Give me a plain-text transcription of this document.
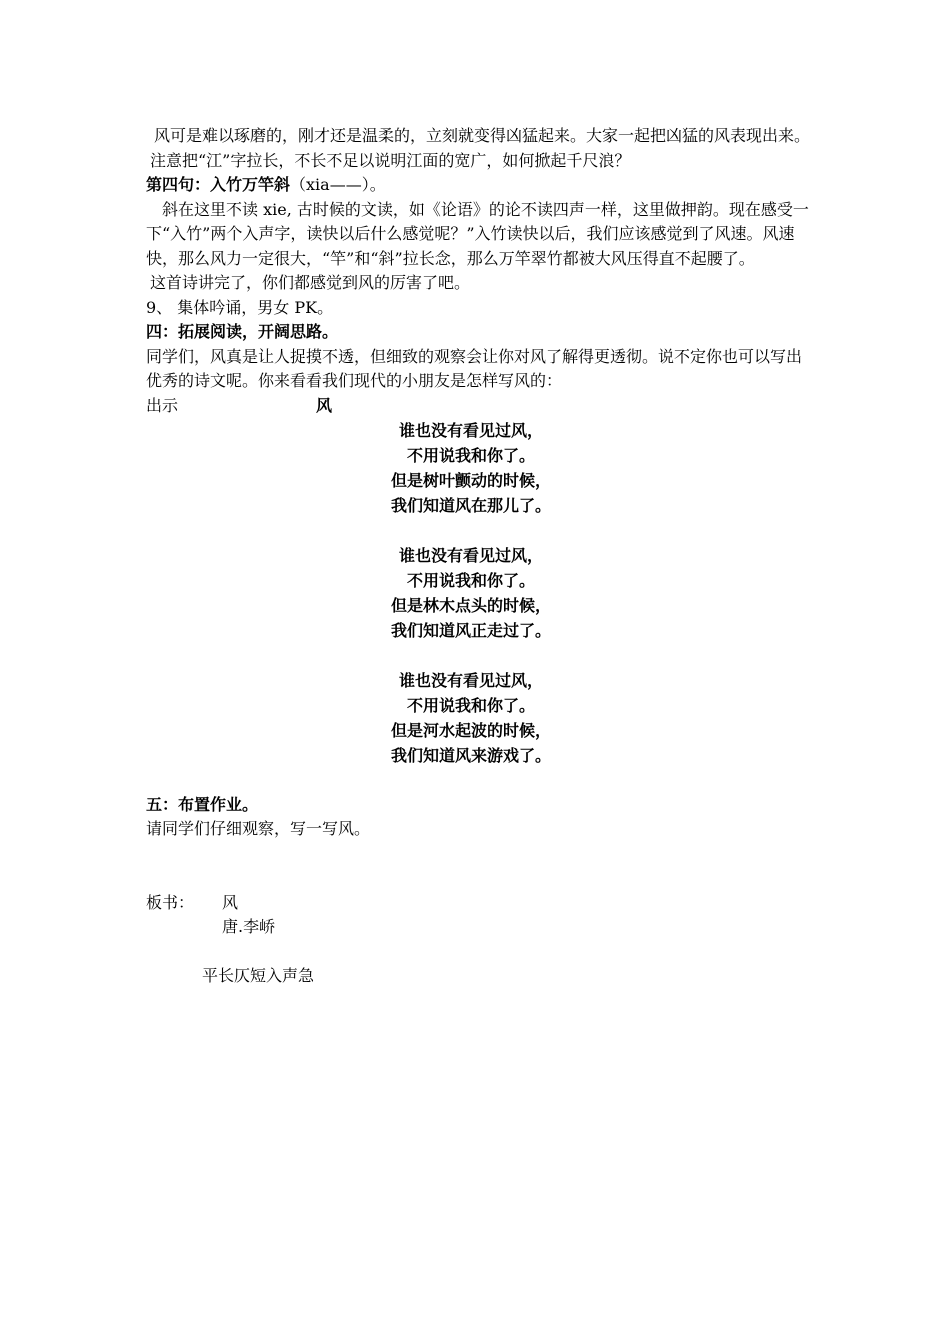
风可是难以琢磨的，刚才还是温柔的，立刻就变得凶猛起来。大家一起把凶猛的风表现出来。

注意把“江”字拉长，不长不足以说明江面的宽广，如何掀起千尺浪？

第四句：入竹万竿斜（xia——）。

斜在这里不读 xie, 古时候的文读，如《论语》的论不读四声一样，这里做押韵。现在感受一下“入竹”两个入声字，读快以后什么感觉呢？”入竹读快以后，我们应该感觉到了风速。风速快，那么风力一定很大，“竿”和“斜”拉长念，那么万竿翠竹都被大风压得直不起腰了。

这首诗讲完了，你们都感觉到风的厉害了吧。

9、 集体吟诵，男女 PK。

四：拓展阅读，开阔思路。

同学们，风真是让人捉摸不透，但细致的观察会让你对风了解得更透彻。说不定你也可以写出优秀的诗文呢。你来看看我们现代的小朋友是怎样写风的：

出示	风
谁也没有看见过风，
不用说我和你了。
但是树叶颤动的时候，
我们知道风在那儿了。
谁也没有看见过风，
不用说我和你了。
但是林木点头的时候，
我们知道风正走过了。
谁也没有看见过风，
不用说我和你了。
但是河水起波的时候，
我们知道风来游戏了。

五：布置作业。

请同学们仔细观察，写一写风。

板书： 风
唐.李峤
平长仄短入声急
